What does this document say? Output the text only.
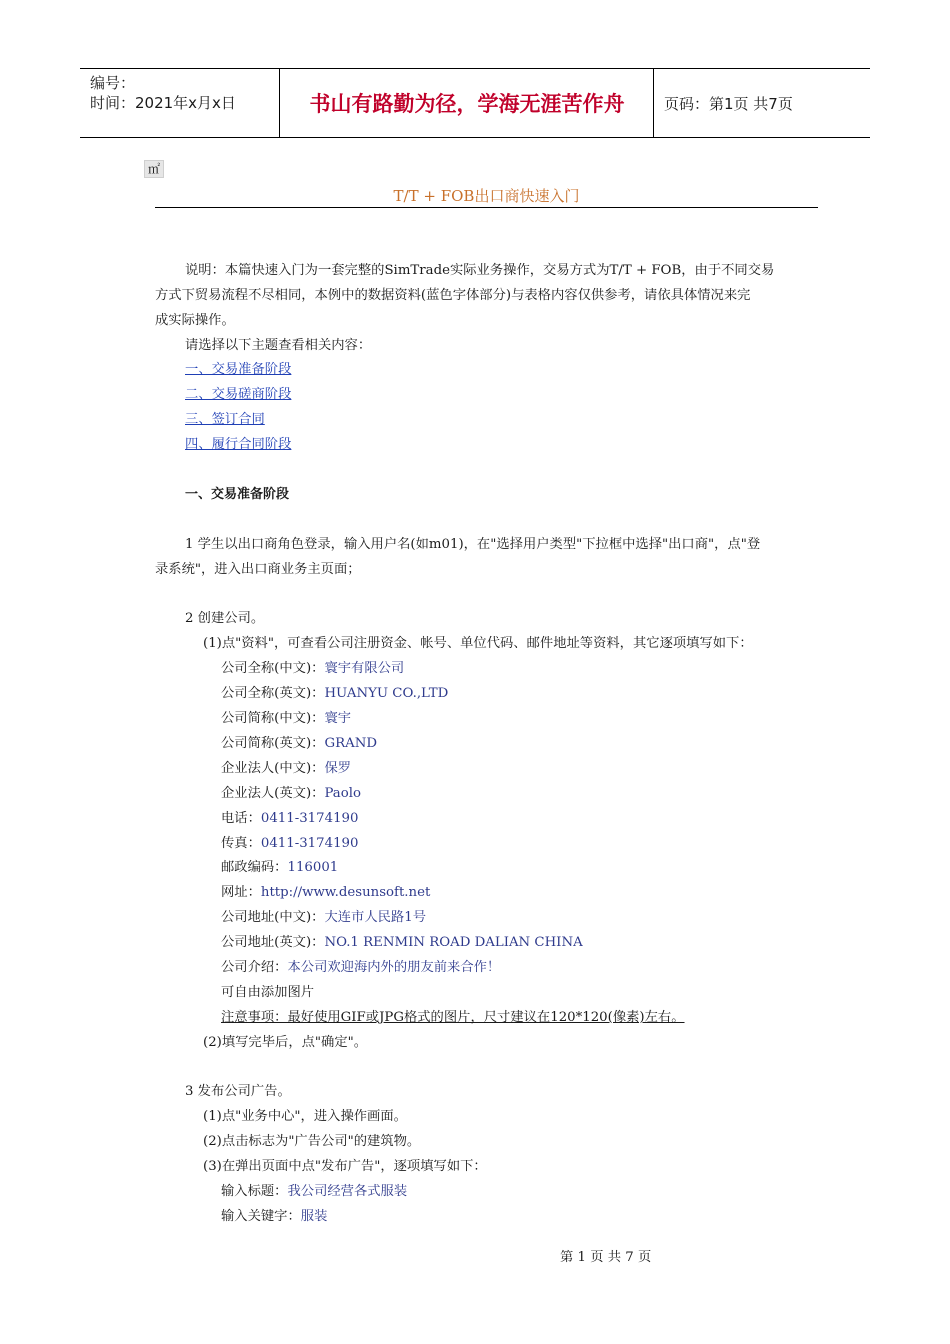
编号：
时间：2021年x月x日	书山有路勤为径，学海无涯苦作舟	页码：第1页 共7页
㎡
T/T + FOB出口商快速入门
说明：本篇快速入门为一套完整的SimTrade实际业务操作，交易方式为T/T + FOB，由于不同交易
方式下贸易流程不尽相同，本例中的数据资料(蓝色字体部分)与表格内容仅供参考，请依具体情况来完
成实际操作。
请选择以下主题查看相关内容：
一、交易准备阶段
二、交易磋商阶段
三、签订合同
四、履行合同阶段
一、交易准备阶段
1 学生以出口商角色登录，输入用户名(如m01)，在"选择用户类型"下拉框中选择"出口商"，点"登
录系统"，进入出口商业务主页面；
2 创建公司。
(1)点"资料"，可查看公司注册资金、帐号、单位代码、邮件地址等资料，其它逐项填写如下：
公司全称(中文)：寰宇有限公司
公司全称(英文)：HUANYU CO.,LTD
公司简称(中文)：寰宇
公司简称(英文)：GRAND
企业法人(中文)：保罗
企业法人(英文)：Paolo
电话：0411-3174190
传真：0411-3174190
邮政编码：116001
网址：http://www.desunsoft.net
公司地址(中文)：大连市人民路1号
公司地址(英文)：NO.1 RENMIN ROAD DALIAN CHINA
公司介绍：本公司欢迎海内外的朋友前来合作！
可自由添加图片
注意事项：最好使用GIF或JPG格式的图片，尺寸建议在120*120(像素)左右。
(2)填写完毕后，点"确定"。
3 发布公司广告。
(1)点"业务中心"，进入操作画面。
(2)点击标志为"广告公司"的建筑物。
(3)在弹出页面中点"发布广告"，逐项填写如下：
输入标题：我公司经营各式服装
输入关键字：服装
第 1 页 共 7 页
